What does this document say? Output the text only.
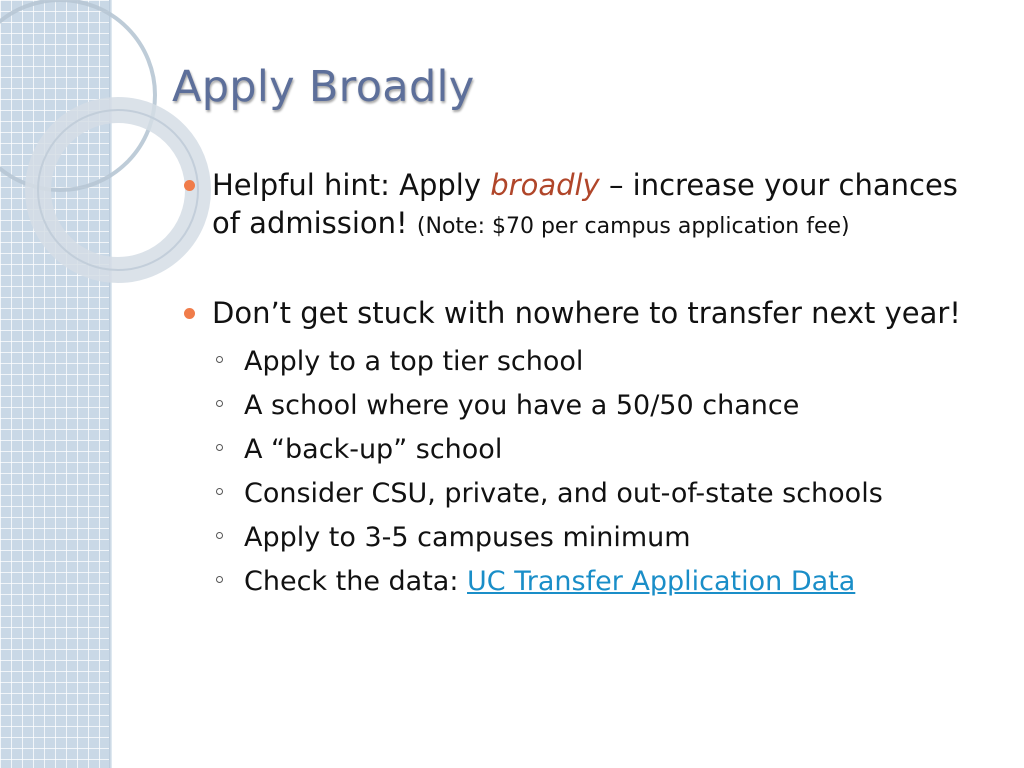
Apply Broadly
Helpful hint: Apply broadly – increase your chances of admission! (Note: $70 per campus application fee)
Don’t get stuck with nowhere to transfer next year!
Apply to a top tier school
A school where you have a 50/50 chance
A “back-up” school
Consider CSU, private, and out-of-state schools
Apply to 3-5 campuses minimum
Check the data: UC Transfer Application Data
